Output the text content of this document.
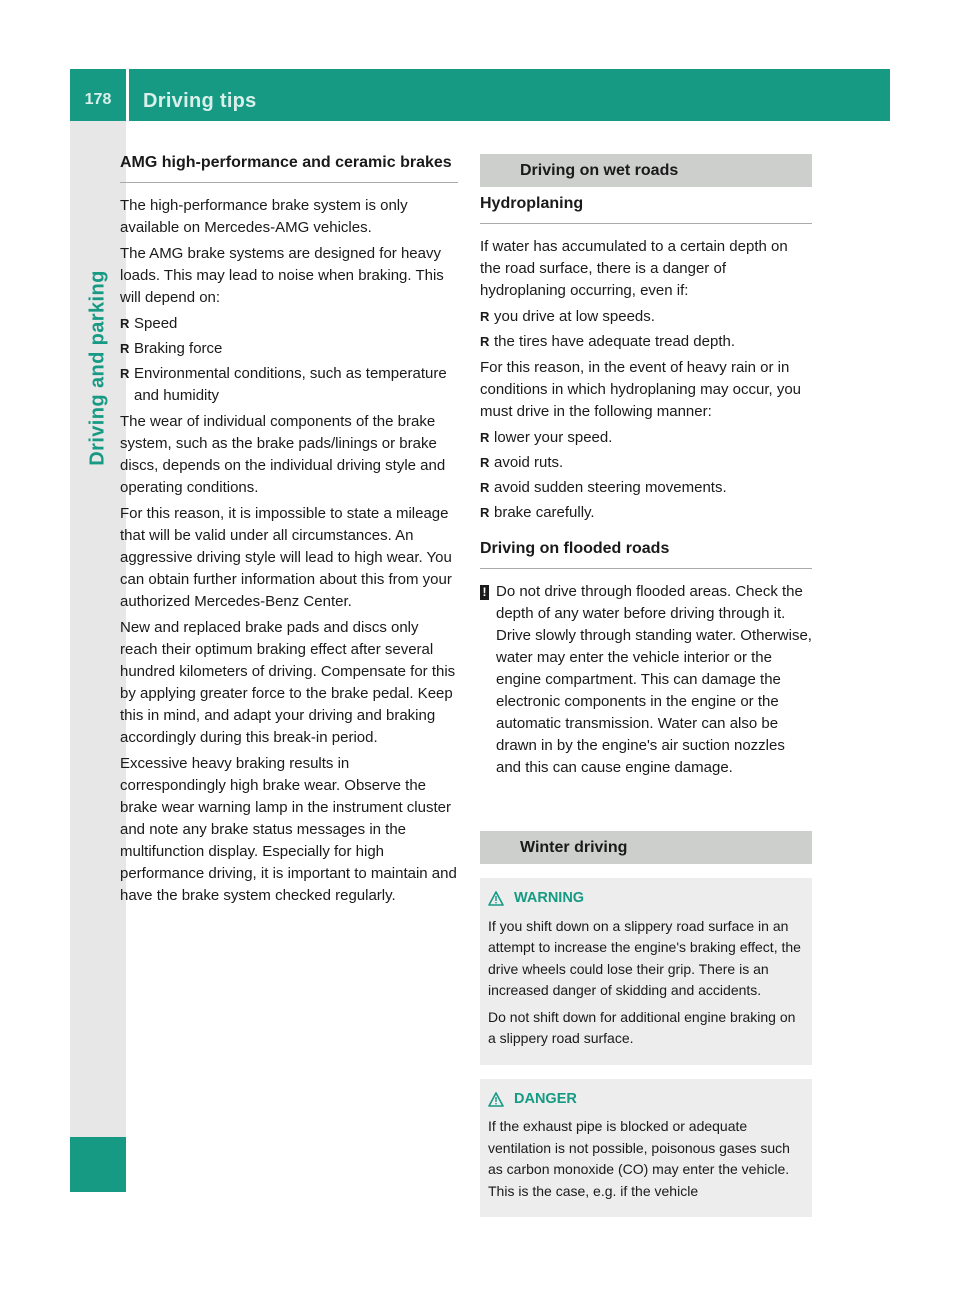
178	Driving tips
Driving and parking
AMG high-performance and ceramic brakes

The high-performance brake system is only available on Mercedes-AMG vehicles.

The AMG brake systems are designed for heavy loads. This may lead to noise when braking. This will depend on:

R Speed
R Braking force
R Environmental conditions, such as temperature and humidity

The wear of individual components of the brake system, such as the brake pads/linings or brake discs, depends on the individual driving style and operating conditions.

For this reason, it is impossible to state a mileage that will be valid under all circumstances. An aggressive driving style will lead to high wear. You can obtain further information about this from your authorized Mercedes-Benz Center.

New and replaced brake pads and discs only reach their optimum braking effect after several hundred kilometers of driving. Compensate for this by applying greater force to the brake pedal. Keep this in mind, and adapt your driving and braking accordingly during this break-in period.

Excessive heavy braking results in correspondingly high brake wear. Observe the brake wear warning lamp in the instrument cluster and note any brake status messages in the multifunction display. Especially for high performance driving, it is important to maintain and have the brake system checked regularly.

Driving on wet roads
Hydroplaning

If water has accumulated to a certain depth on the road surface, there is a danger of hydroplaning occurring, even if:

R you drive at low speeds.
R the tires have adequate tread depth.

For this reason, in the event of heavy rain or in conditions in which hydroplaning may occur, you must drive in the following manner:

R lower your speed.
R avoid ruts.
R avoid sudden steering movements.
R brake carefully.
Driving on flooded roads
! Do not drive through flooded areas. Check the depth of any water before driving through it. Drive slowly through standing water. Otherwise, water may enter the vehicle interior or the engine compartment. This can damage the electronic components in the engine or the automatic transmission. Water can also be drawn in by the engine's air suction nozzles and this can cause engine damage.
Winter driving
WARNING

If you shift down on a slippery road surface in an attempt to increase the engine's braking effect, the drive wheels could lose their grip. There is an increased danger of skidding and accidents.

Do not shift down for additional engine braking on a slippery road surface.

DANGER

If the exhaust pipe is blocked or adequate ventilation is not possible, poisonous gases such as carbon monoxide (CO) may enter the vehicle. This is the case, e.g. if the vehicle
